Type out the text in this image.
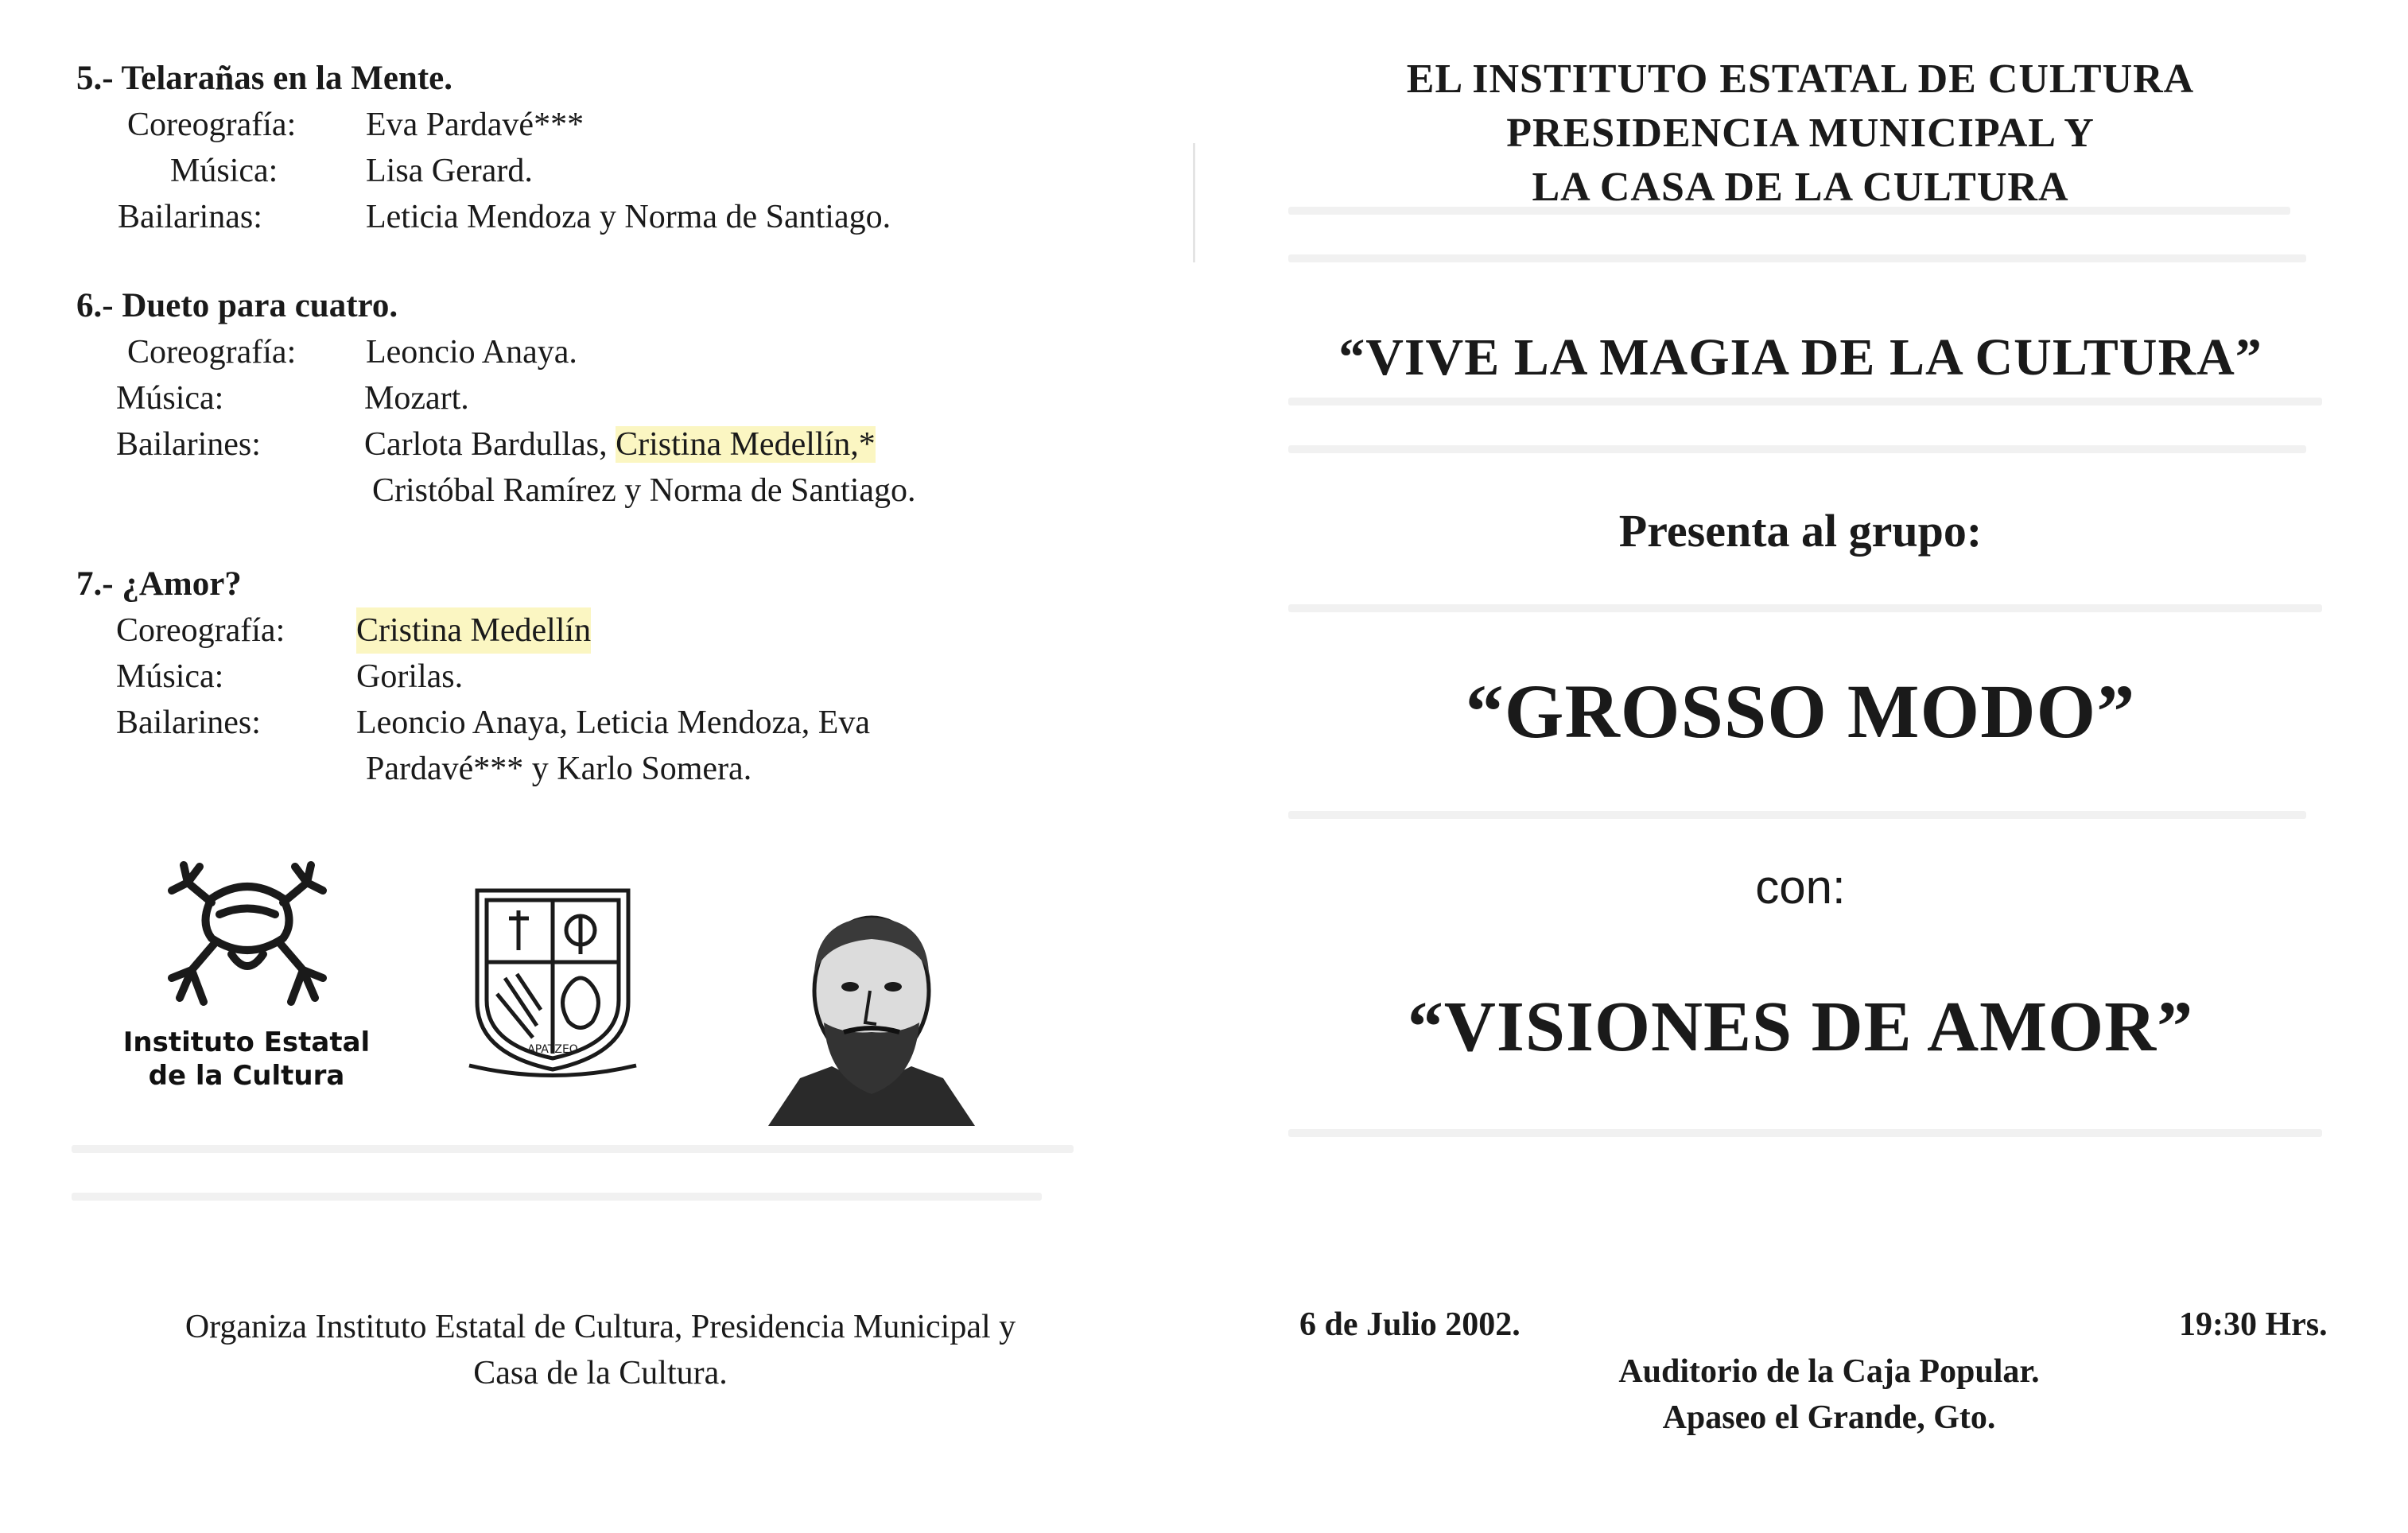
5.- Telarañas en la Mente.
Coreografía:	Eva Pardavé***
Música:	Lisa Gerard.
Bailarinas:	Leticia Mendoza y Norma de Santiago.
6.- Dueto para cuatro.
Coreografía:	Leoncio Anaya.
Música:	Mozart.
Bailarines:	Carlota Bardullas, Cristina Medellín,*
Cristóbal Ramírez y Norma de Santiago.
7.- ¿Amor?
Coreografía:	Cristina Medellín
Música:	Gorilas.
Bailarines:	Leoncio Anaya, Leticia Mendoza, Eva
Pardavé*** y Karlo Somera.
Instituto Estatal
de la Cultura
APATZEO
Organiza Instituto Estatal de Cultura, Presidencia Municipal y
Casa de la Cultura.
EL INSTITUTO ESTATAL DE CULTURA
PRESIDENCIA MUNICIPAL Y
LA CASA DE LA CULTURA
“VIVE LA MAGIA DE LA CULTURA”
Presenta al grupo:
“GROSSO MODO”
con:
“VISIONES DE AMOR”
6 de Julio 2002.	19:30 Hrs.
Auditorio de la Caja Popular.
Apaseo el Grande, Gto.
